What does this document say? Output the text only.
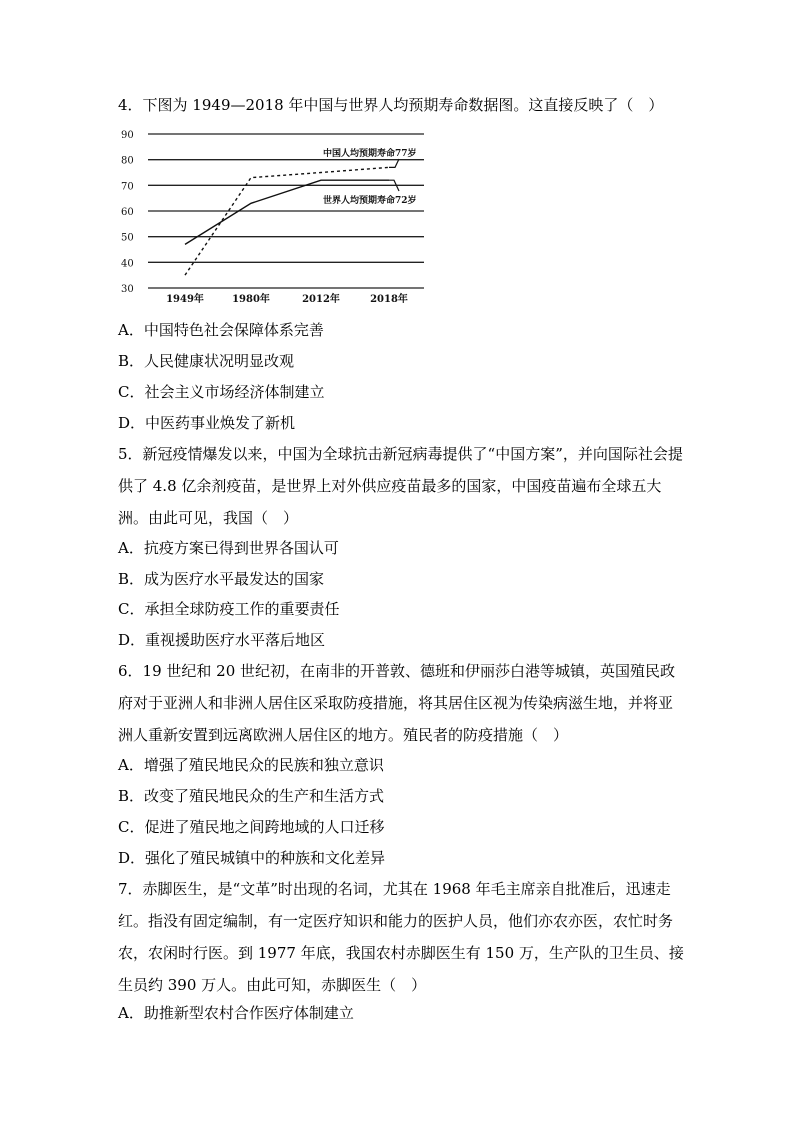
4．下图为 1949—2018 年中国与世界人均预期寿命数据图。这直接反映了（　）
30
40
50
60
70
80
90
1949年	1980年	2012年	2018年
中国人均预期寿命77岁
世界人均预期寿命72岁
A．中国特色社会保障体系完善
B．人民健康状况明显改观
C．社会主义市场经济体制建立
D．中医药事业焕发了新机
5．新冠疫情爆发以来，中国为全球抗击新冠病毒提供了“中国方案”，并向国际社会提供了 4.8 亿余剂疫苗，是世界上对外供应疫苗最多的国家，中国疫苗遍布全球五大洲。由此可见，我国（　）
A．抗疫方案已得到世界各国认可
B．成为医疗水平最发达的国家
C．承担全球防疫工作的重要责任
D．重视援助医疗水平落后地区
6．19 世纪和 20 世纪初，在南非的开普敦、德班和伊丽莎白港等城镇，英国殖民政府对于亚洲人和非洲人居住区采取防疫措施，将其居住区视为传染病滋生地，并将亚洲人重新安置到远离欧洲人居住区的地方。殖民者的防疫措施（　）
A．增强了殖民地民众的民族和独立意识
B．改变了殖民地民众的生产和生活方式
C．促进了殖民地之间跨地域的人口迁移
D．强化了殖民城镇中的种族和文化差异
7．赤脚医生，是“文革”时出现的名词，尤其在 1968 年毛主席亲自批准后，迅速走红。指没有固定编制，有一定医疗知识和能力的医护人员，他们亦农亦医，农忙时务农，农闲时行医。到 1977 年底，我国农村赤脚医生有 150 万，生产队的卫生员、接生员约 390 万人。由此可知，赤脚医生（　）
A．助推新型农村合作医疗体制建立
